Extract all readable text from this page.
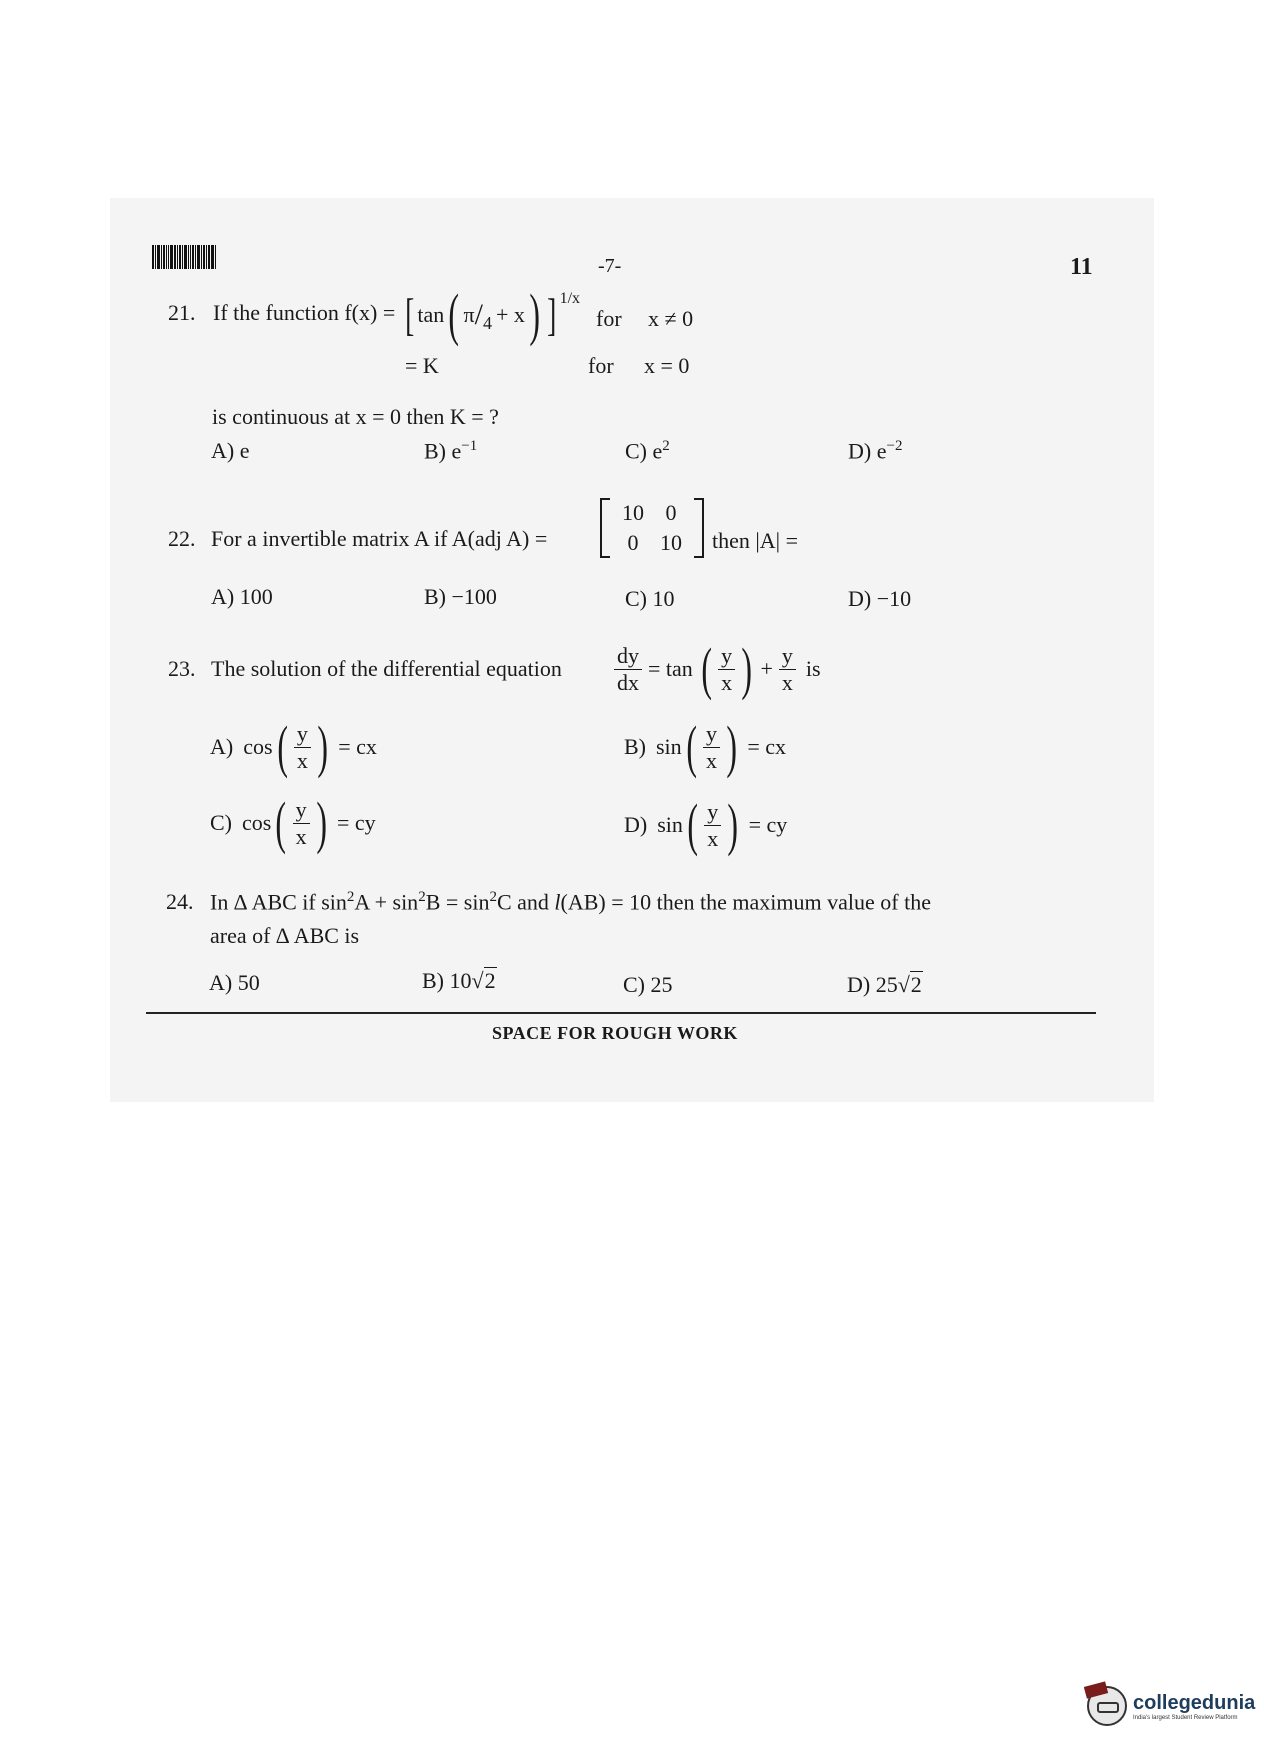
-7-	11
21. If the function f(x) = [ tan ( π / 4 + x ) ] 1/x
for x ≠ 0
= K	for x = 0
is continuous at x = 0 then K = ?
A) e	B) $e^{-1}$	C) $e^2$	D) $e^{-2}$
22. For a invertible matrix A if A(adj A) =
10	0
0	10 then |A| =
A) 100	B) −100	C) 10	D) −10
23. The solution of the differential equation $\frac{dy}{dx} = \tan$ ( $\frac{y}{x}$ ) + $\frac{y}{x}$ is
A) cos ( $\frac{y}{x}$ ) = cx	B) sin ( $\frac{y}{x}$ ) = cx
C) cos ( $\frac{y}{x}$ ) = cy	D) sin ( $\frac{y}{x}$ ) = cy
24. In ∆ ABC if $\sin^2A + \sin^2B = \sin^2C$ and l(AB) = 10 then the maximum value of the
area of ∆ ABC is
A) 50	B) 10√2	C) 25	D) 25√2
SPACE FOR ROUGH WORK
collegedunia
India's largest Student Review Platform
